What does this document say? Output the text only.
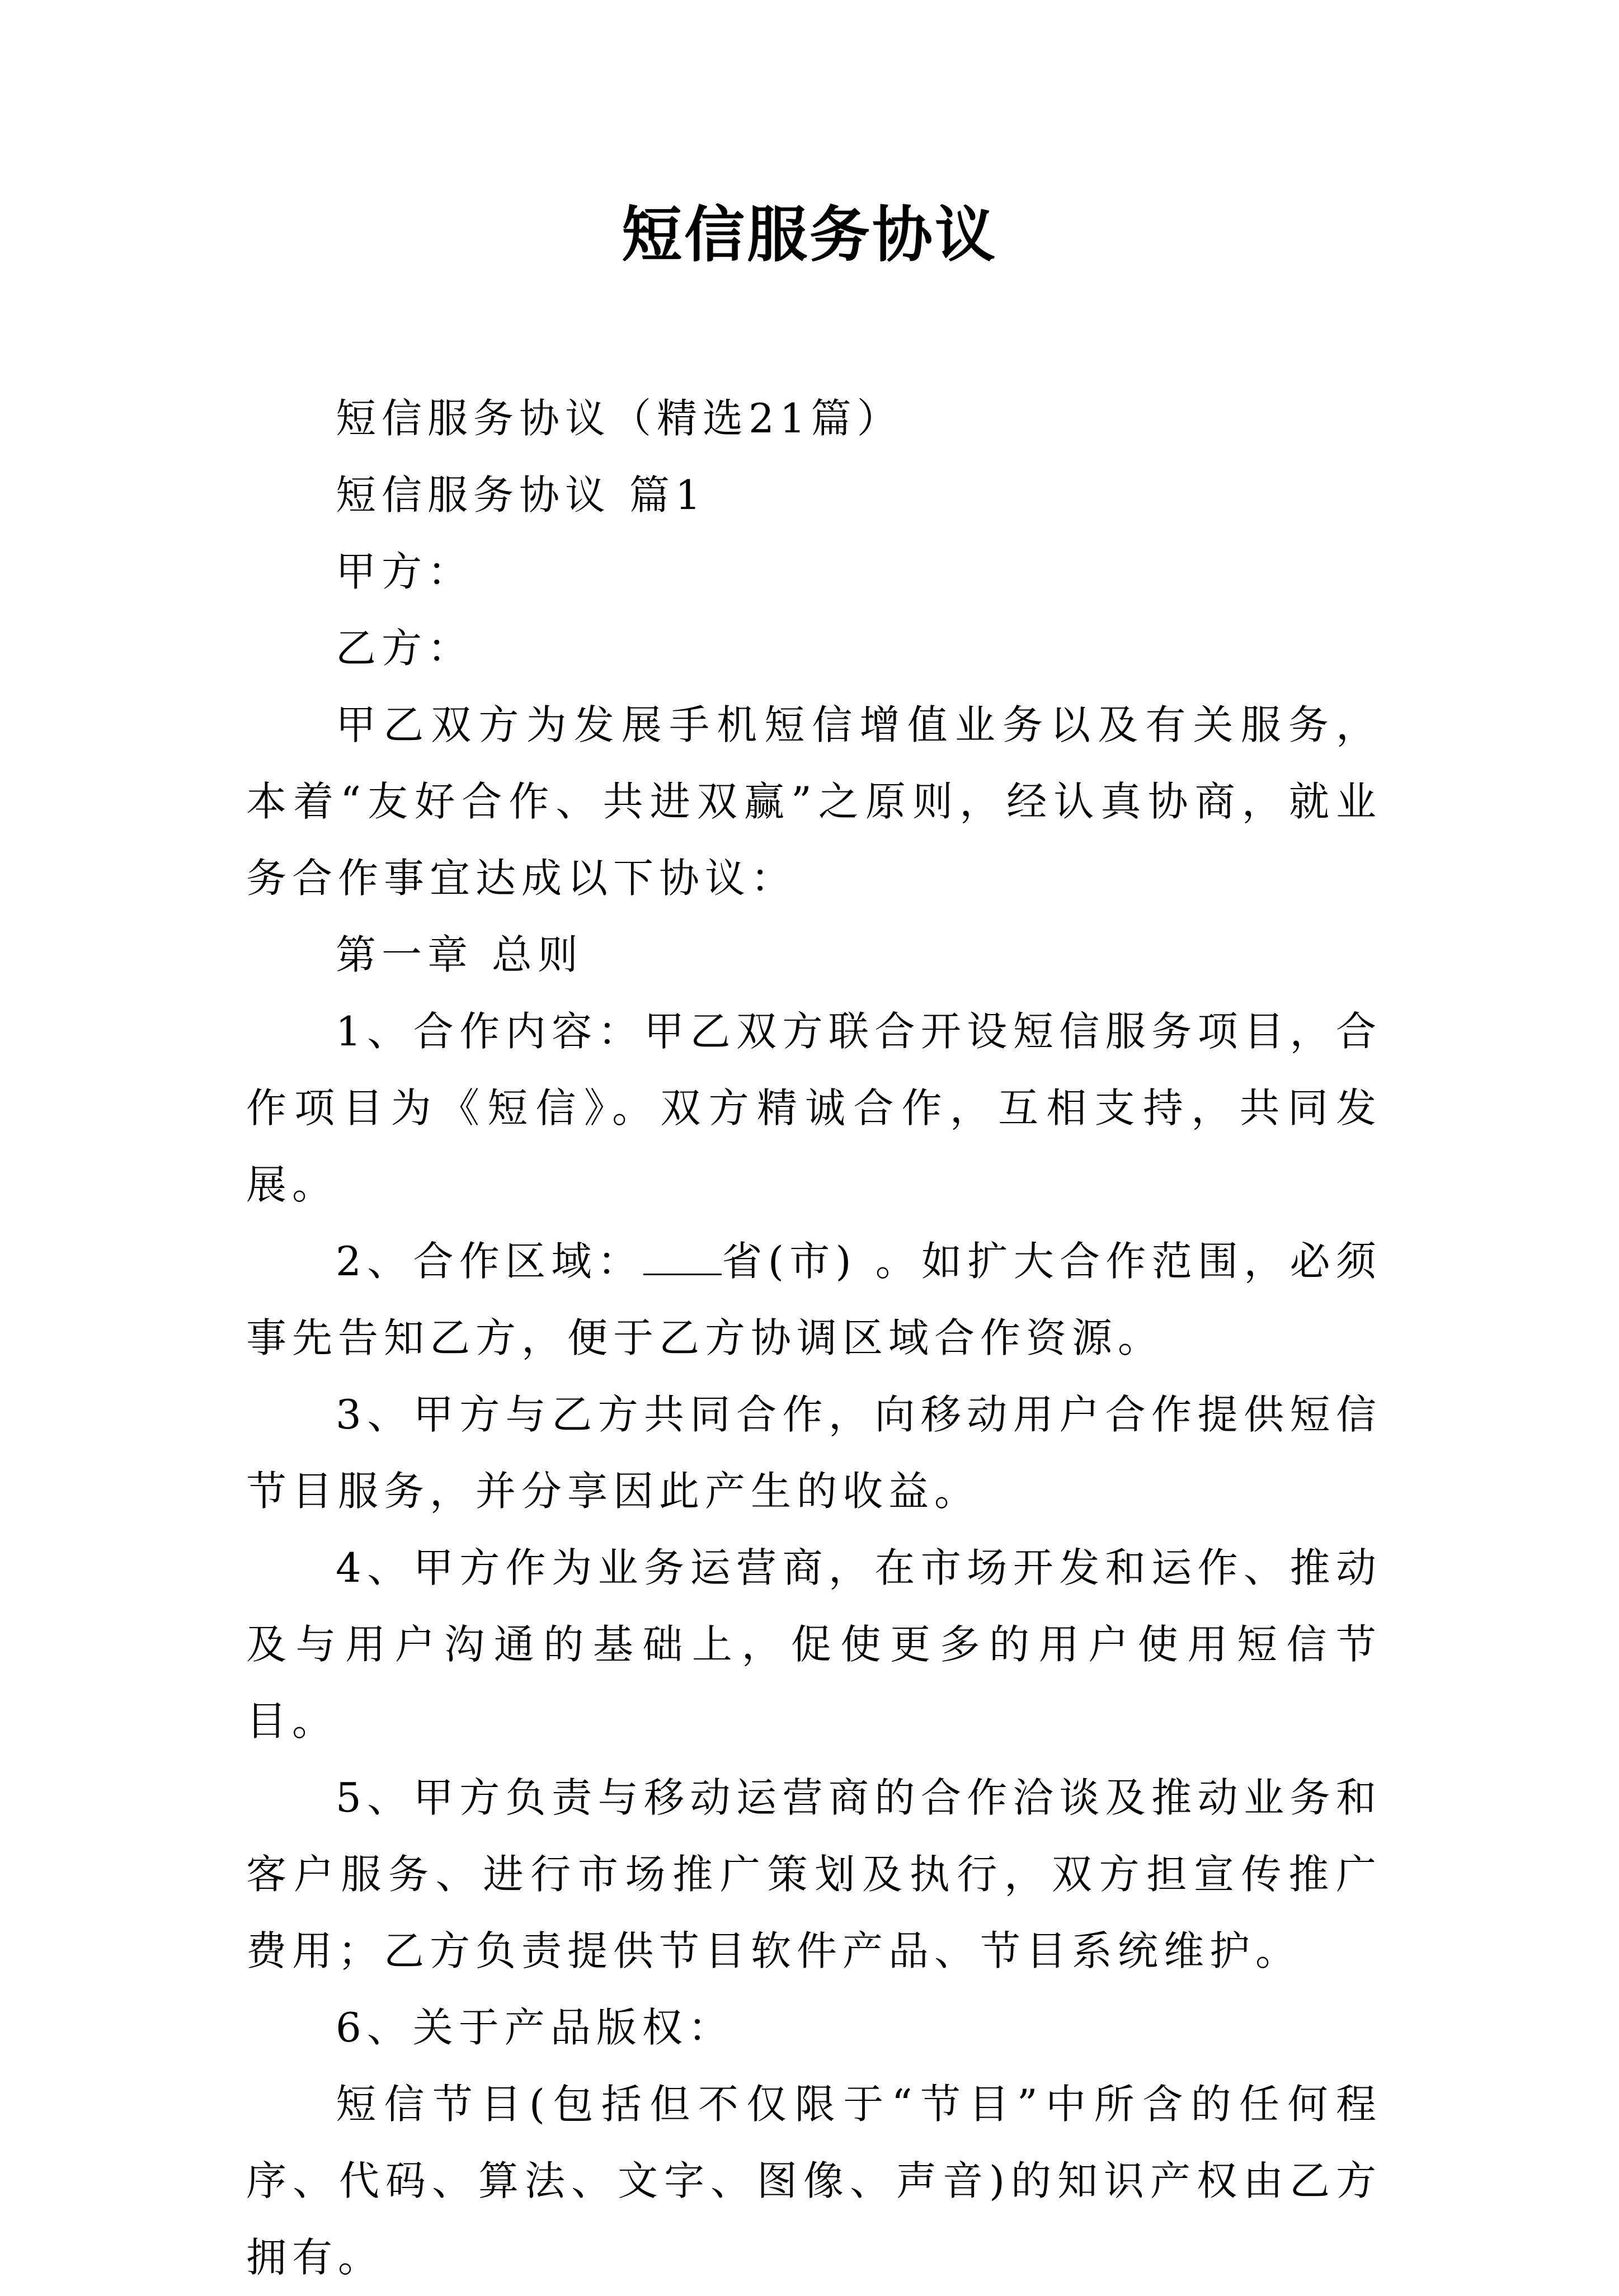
短信服务协议

短信服务协议（精选21篇）

短信服务协议 篇1

甲方：

乙方：

甲乙双方为发展手机短信增值业务以及有关服务，本着“友好合作、共进双赢”之原则，经认真协商，就业务合作事宜达成以下协议：

第一章 总则

1、合作内容：甲乙双方联合开设短信服务项目，合作项目为《短信》。双方精诚合作，互相支持，共同发展。

2、合作区域： 省(市) 。如扩大合作范围，必须事先告知乙方，便于乙方协调区域合作资源。

3、甲方与乙方共同合作，向移动用户合作提供短信节目服务，并分享因此产生的收益。

4、甲方作为业务运营商，在市场开发和运作、推动及与用户沟通的基础上，促使更多的用户使用短信节目。

5、甲方负责与移动运营商的合作洽谈及推动业务和客户服务、进行市场推广策划及执行，双方担宣传推广费用；乙方负责提供节目软件产品、节目系统维护。

6、关于产品版权：

短信节目(包括但不仅限于“节目”中所含的任何程序、代码、算法、文字、图像、声音)的知识产权由乙方拥有。
